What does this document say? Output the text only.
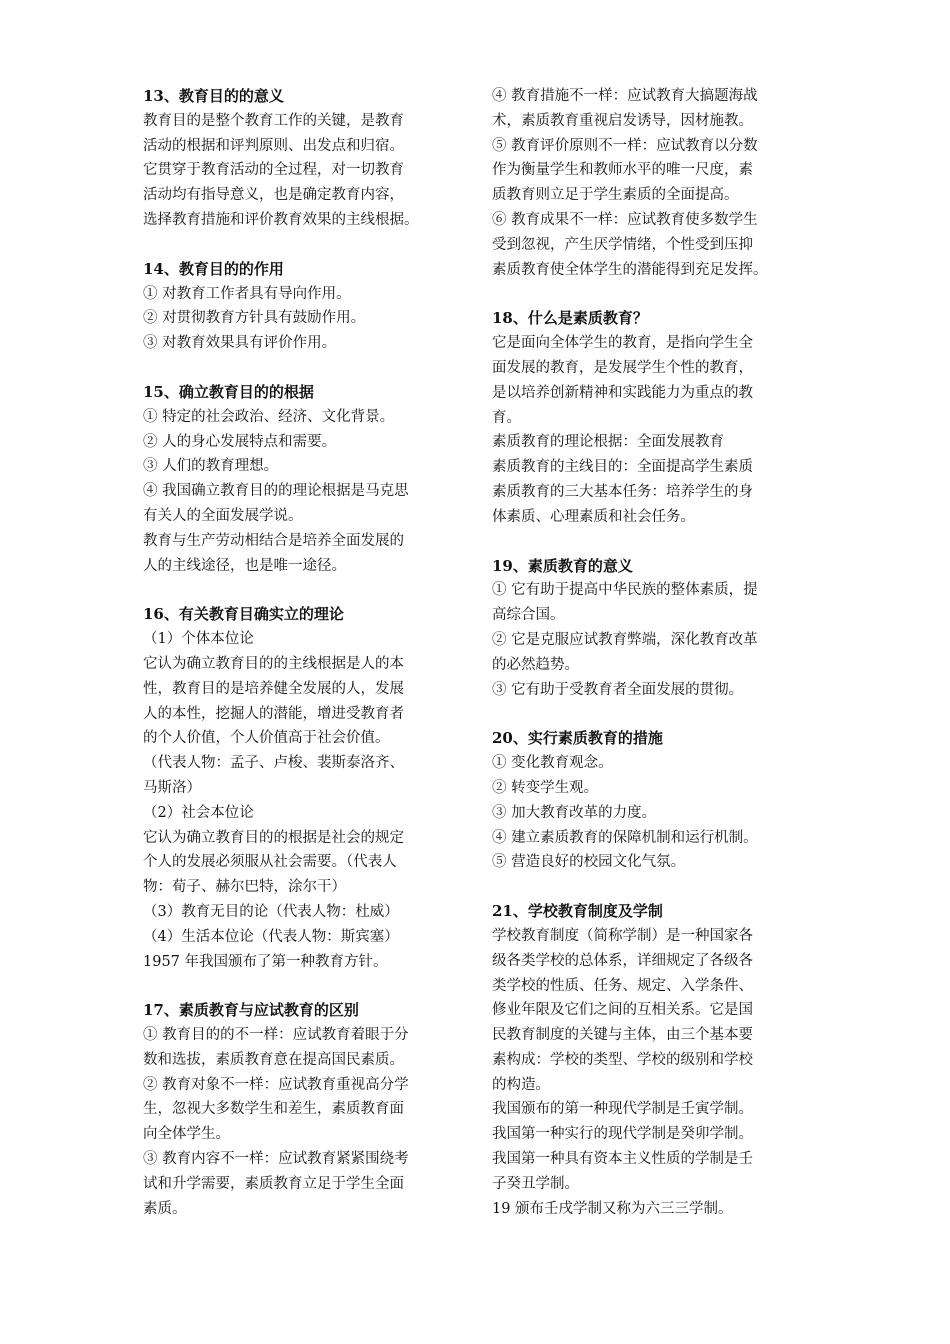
13、教育目的的意义
教育目的是整个教育工作的关键，是教育
活动的根据和评判原则、出发点和归宿。
它贯穿于教育活动的全过程，对一切教育
活动均有指导意义，也是确定教育内容，
选择教育措施和评价教育效果的主线根据。
14、教育目的的作用
① 对教育工作者具有导向作用。
② 对贯彻教育方针具有鼓励作用。
③ 对教育效果具有评价作用。
15、确立教育目的的根据
① 特定的社会政治、经济、文化背景。
② 人的身心发展特点和需要。
③ 人们的教育理想。
④ 我国确立教育目的的理论根据是马克思
有关人的全面发展学说。
教育与生产劳动相结合是培养全面发展的
人的主线途径，也是唯一途径。
16、有关教育目确实立的理论
（1）个体本位论
它认为确立教育目的的主线根据是人的本
性，教育目的是培养健全发展的人，发展
人的本性，挖掘人的潜能，增进受教育者
的个人价值，个人价值高于社会价值。
（代表人物：孟子、卢梭、裴斯泰洛齐、
马斯洛）
（2）社会本位论
它认为确立教育目的的根据是社会的规定
个人的发展必须服从社会需要。（代表人
物：荀子、赫尔巴特，涂尔干）
（3）教育无目的论（代表人物：杜威）
（4）生活本位论（代表人物：斯宾塞）
1957 年我国颁布了第一种教育方针。
17、素质教育与应试教育的区别
① 教育目的的不一样：应试教育着眼于分
数和选拔，素质教育意在提高国民素质。
② 教育对象不一样：应试教育重视高分学
生，忽视大多数学生和差生，素质教育面
向全体学生。
③ 教育内容不一样：应试教育紧紧围绕考
试和升学需要，素质教育立足于学生全面
素质。
④ 教育措施不一样：应试教育大搞题海战
术，素质教育重视启发诱导，因材施教。
⑤ 教育评价原则不一样：应试教育以分数
作为衡量学生和教师水平的唯一尺度，素
质教育则立足于学生素质的全面提高。
⑥ 教育成果不一样：应试教育使多数学生
受到忽视，产生厌学情绪，个性受到压抑
素质教育使全体学生的潜能得到充足发挥。
18、什么是素质教育？
它是面向全体学生的教育，是指向学生全
面发展的教育，是发展学生个性的教育，
是以培养创新精神和实践能力为重点的教
育。
素质教育的理论根据：全面发展教育
素质教育的主线目的：全面提高学生素质
素质教育的三大基本任务：培养学生的身
体素质、心理素质和社会任务。
19、素质教育的意义
① 它有助于提高中华民族的整体素质，提
高综合国。
② 它是克服应试教育弊端，深化教育改革
的必然趋势。
③ 它有助于受教育者全面发展的贯彻。
20、实行素质教育的措施
① 变化教育观念。
② 转变学生观。
③ 加大教育改革的力度。
④ 建立素质教育的保障机制和运行机制。
⑤ 营造良好的校园文化气氛。
21、学校教育制度及学制
学校教育制度（简称学制）是一种国家各
级各类学校的总体系，详细规定了各级各
类学校的性质、任务、规定、入学条件、
修业年限及它们之间的互相关系。它是国
民教育制度的关键与主体，由三个基本要
素构成：学校的类型、学校的级别和学校
的构造。
我国颁布的第一种现代学制是壬寅学制。
我国第一种实行的现代学制是癸卯学制。
我国第一种具有资本主义性质的学制是壬
子癸丑学制。
19 颁布壬戌学制又称为六三三学制。
